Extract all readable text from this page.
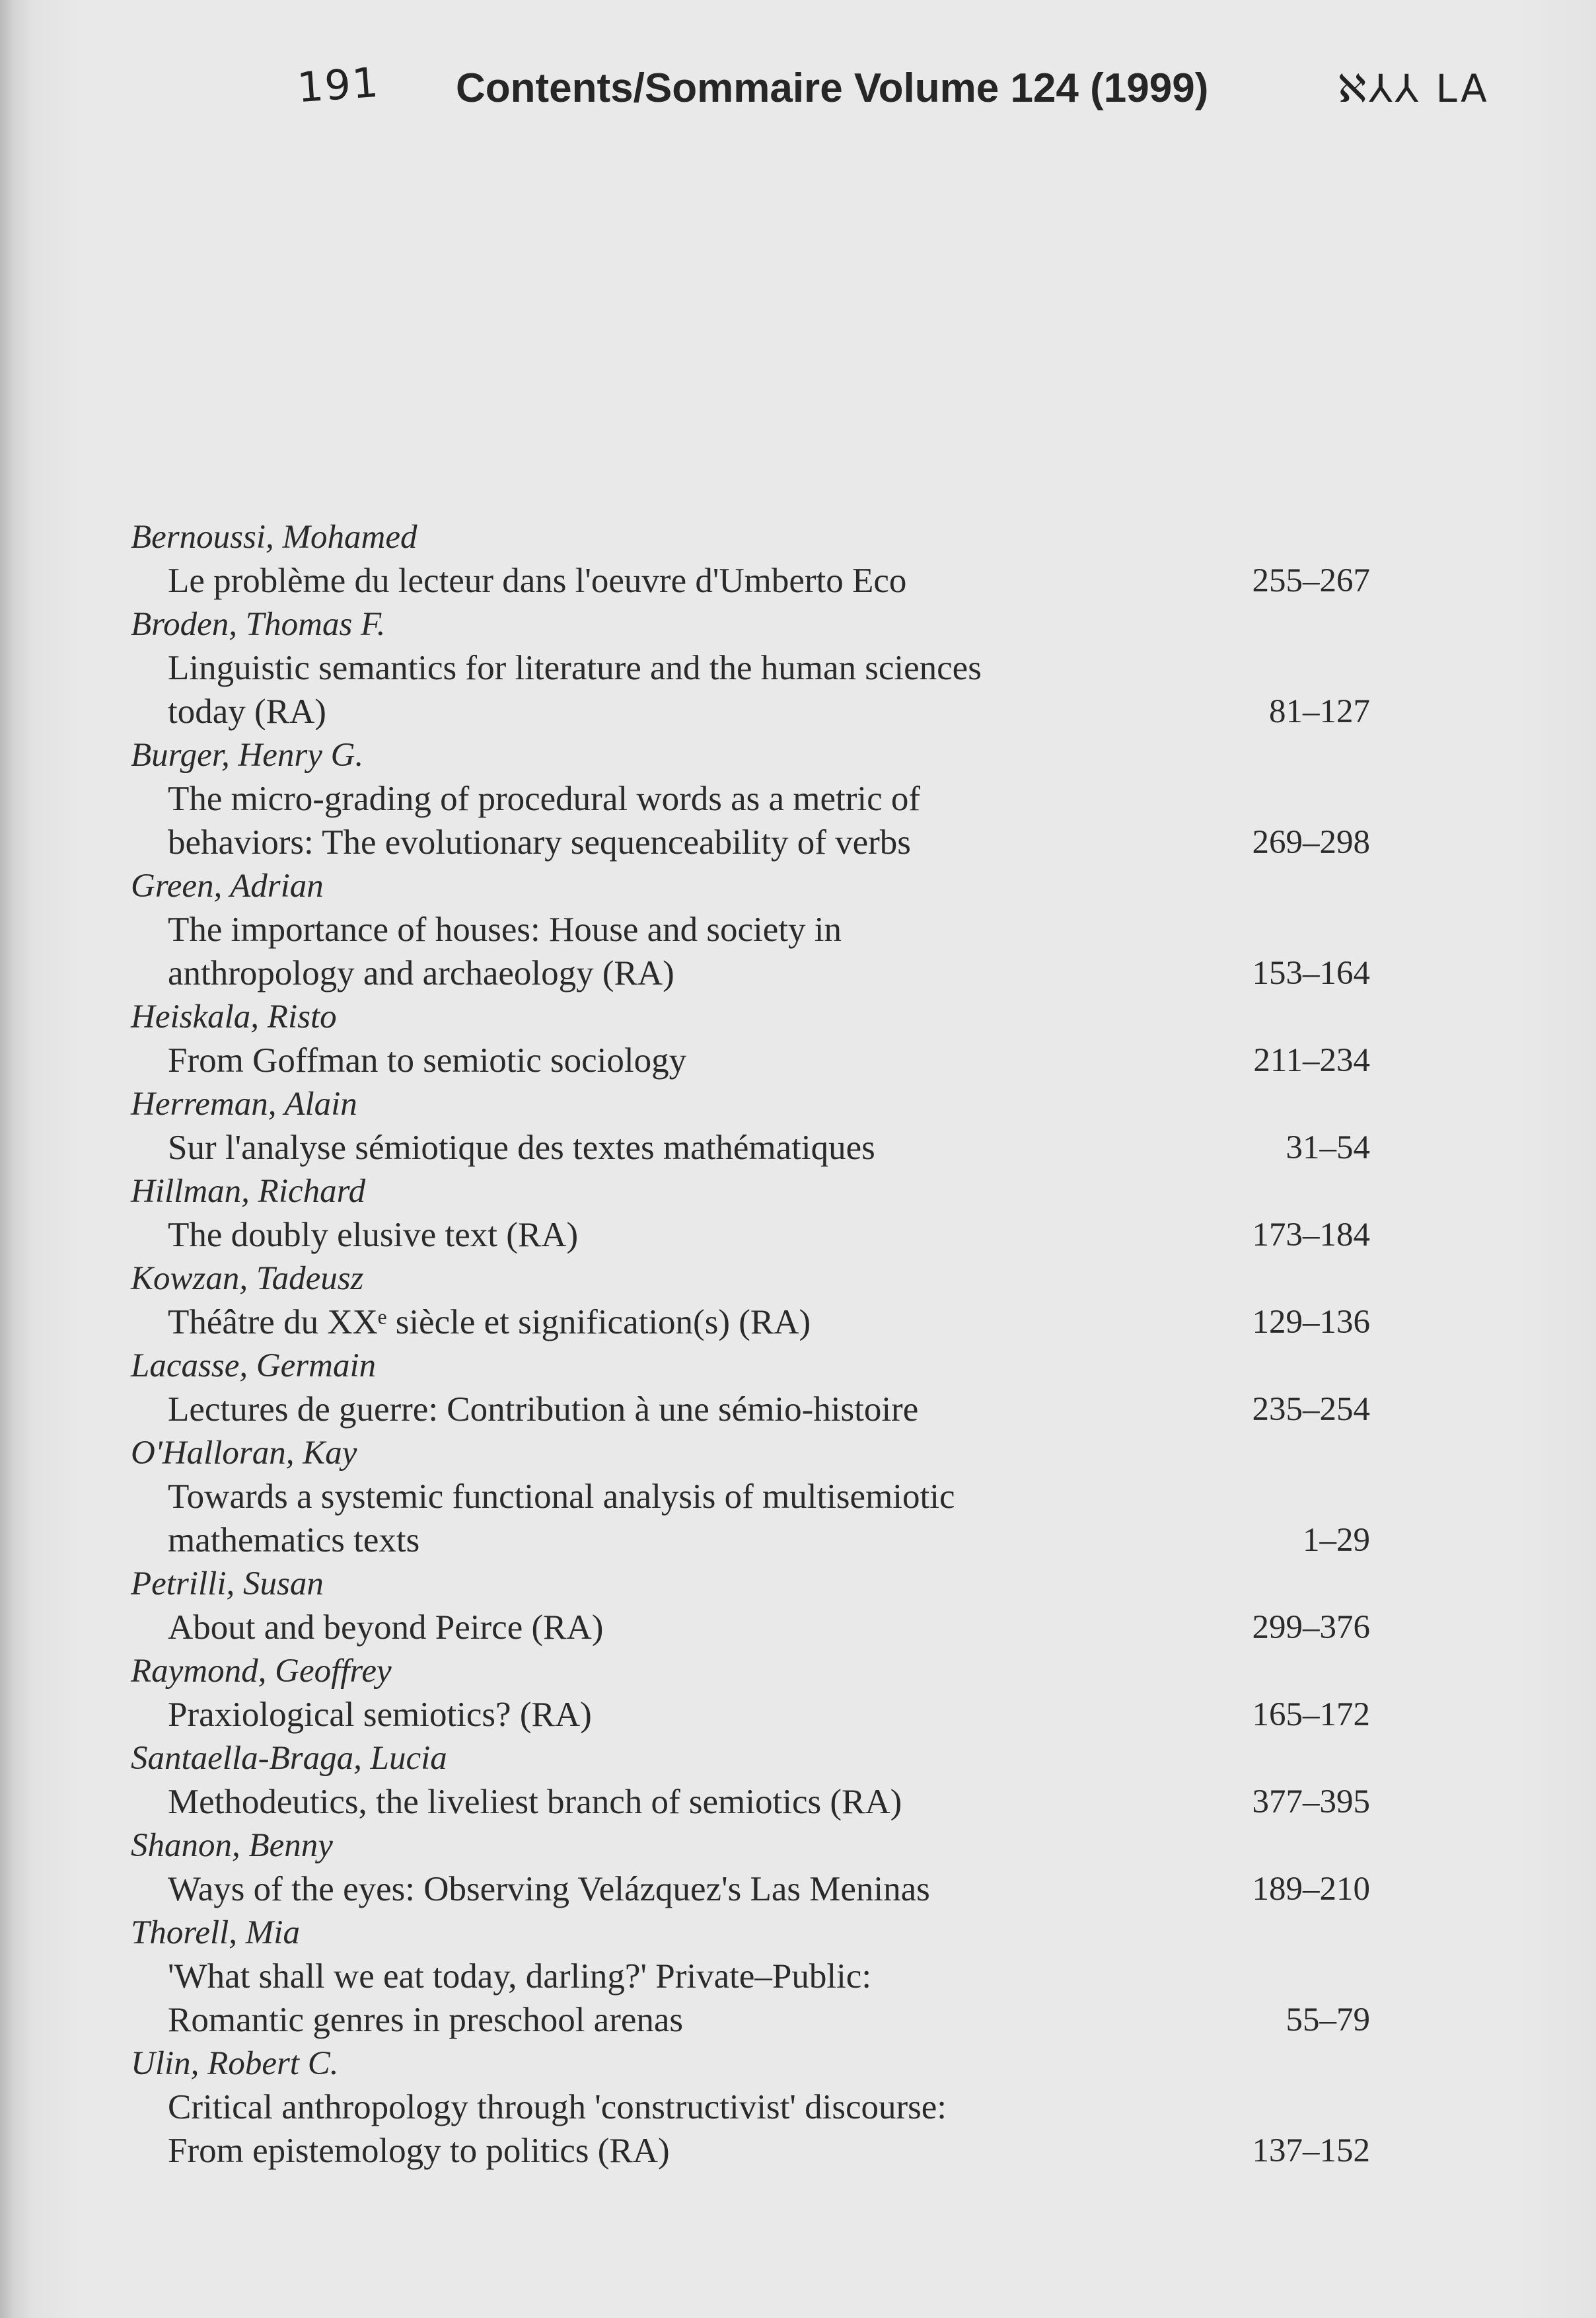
191 Contents/Sommaire Volume 124 (1999)	ℵ⅄⅄ LA
Bernoussi, Mohamed
Le problème du lecteur dans l'oeuvre d'Umberto Eco	255–267
Broden, Thomas F.
Linguistic semantics for literature and the human sciences
today (RA)	81–127
Burger, Henry G.
The micro-grading of procedural words as a metric of
behaviors: The evolutionary sequenceability of verbs	269–298
Green, Adrian
The importance of houses: House and society in
anthropology and archaeology (RA)	153–164
Heiskala, Risto
From Goffman to semiotic sociology	211–234
Herreman, Alain
Sur l'analyse sémiotique des textes mathématiques	31–54
Hillman, Richard
The doubly elusive text (RA)	173–184
Kowzan, Tadeusz
Théâtre du XXᵉ siècle et signification(s) (RA)	129–136
Lacasse, Germain
Lectures de guerre: Contribution à une sémio-histoire	235–254
O'Halloran, Kay
Towards a systemic functional analysis of multisemiotic
mathematics texts	1–29
Petrilli, Susan
About and beyond Peirce (RA)	299–376
Raymond, Geoffrey
Praxiological semiotics? (RA)	165–172
Santaella-Braga, Lucia
Methodeutics, the liveliest branch of semiotics (RA)	377–395
Shanon, Benny
Ways of the eyes: Observing Velázquez's Las Meninas	189–210
Thorell, Mia
'What shall we eat today, darling?' Private–Public:
Romantic genres in preschool arenas	55–79
Ulin, Robert C.
Critical anthropology through 'constructivist' discourse:
From epistemology to politics (RA)	137–152
